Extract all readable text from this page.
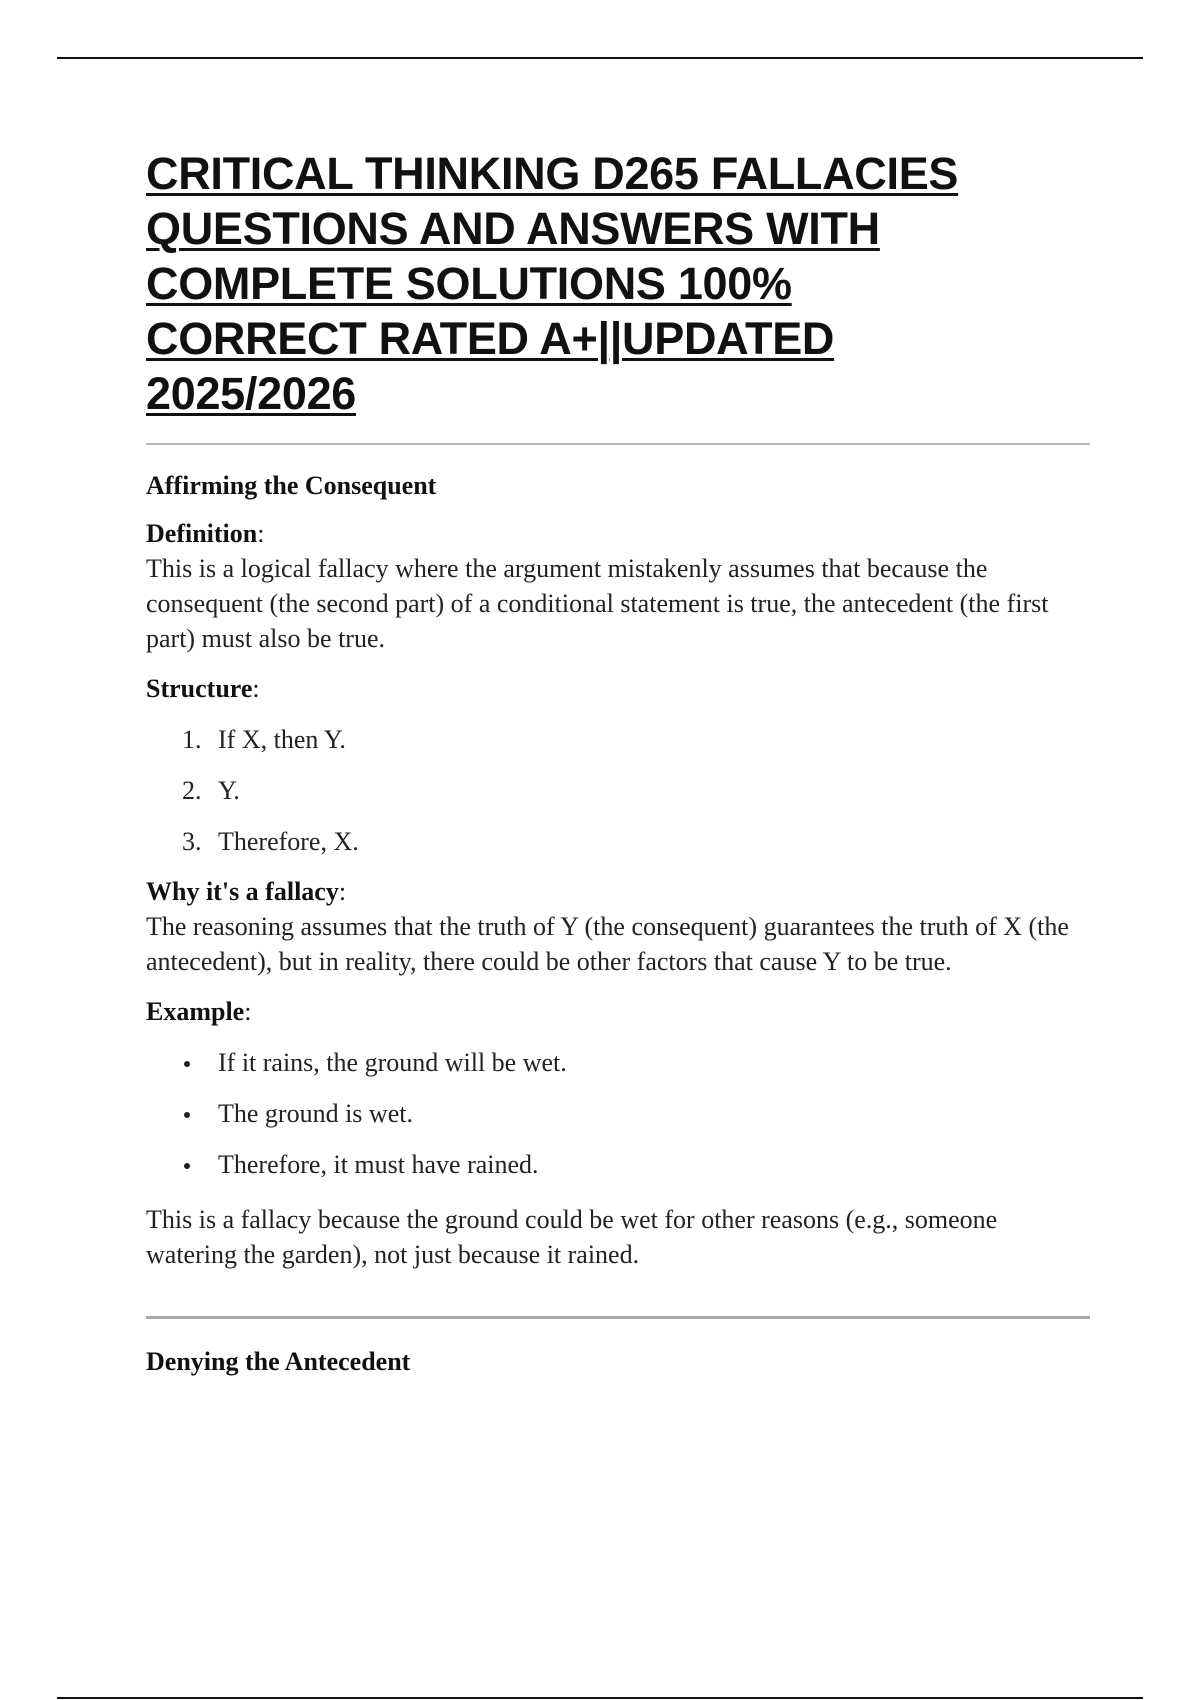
CRITICAL THINKING D265 FALLACIES
QUESTIONS AND ANSWERS WITH
COMPLETE SOLUTIONS 100%
CORRECT RATED A+||UPDATED
2025/2026
Affirming the Consequent

Definition:

This is a logical fallacy where the argument mistakenly assumes that because the consequent (the second part) of a conditional statement is true, the antecedent (the first part) must also be true.

Structure:

1. If X, then Y.
2. Y.
3. Therefore, X.

Why it's a fallacy:

The reasoning assumes that the truth of Y (the consequent) guarantees the truth of X (the antecedent), but in reality, there could be other factors that cause Y to be true.

Example:

If it rains, the ground will be wet.
The ground is wet.
Therefore, it must have rained.

This is a fallacy because the ground could be wet for other reasons (e.g., someone watering the garden), not just because it rained.

Denying the Antecedent
